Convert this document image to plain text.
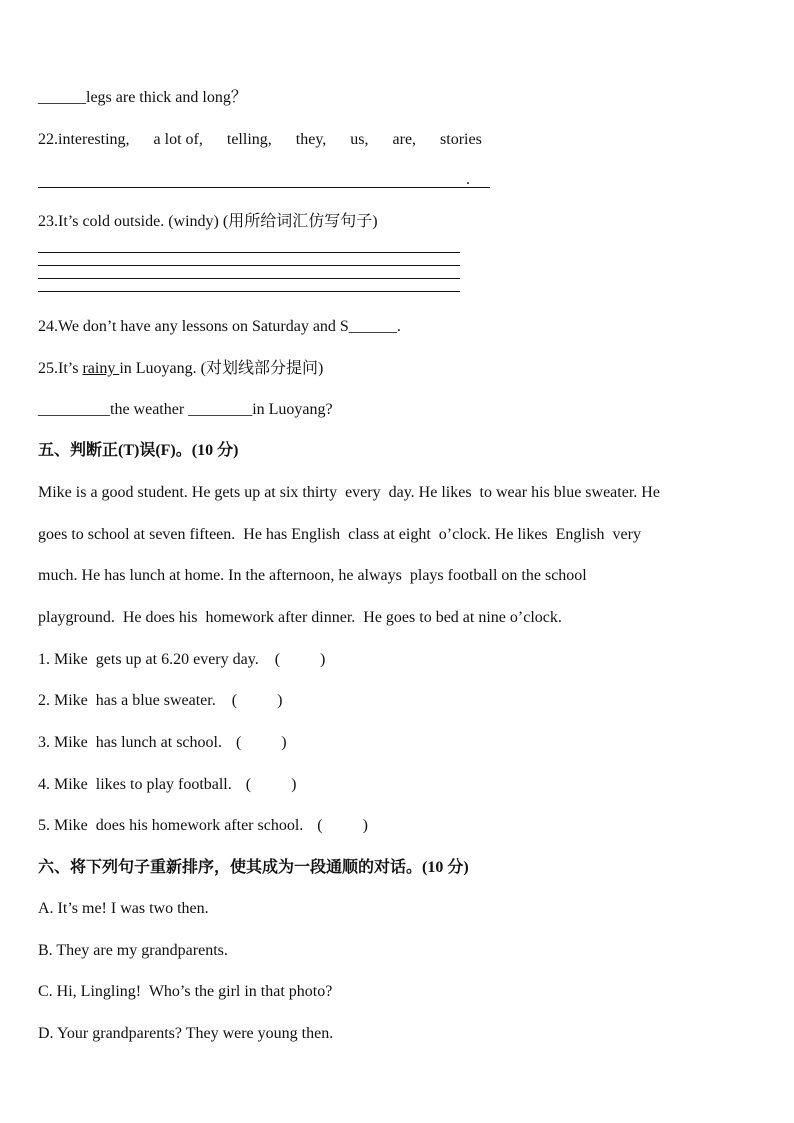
______legs are thick and long？
22.interesting, a lot of, telling, they, us, are, stories
.
23.It’s cold outside. (windy) (用所给词汇仿写句子)
24.We don’t have any lessons on Saturday and S______.
25.It’s rainy in Luoyang. (对划线部分提问)
_________the weather ________in Luoyang?
五、判断正(T)误(F)。(10 分)
Mike is a good student. He gets up at six thirty  every  day. He likes  to wear his blue sweater. He
goes to school at seven fifteen.  He has English  class at eight  o’clock. He likes  English  very
much. He has lunch at home. In the afternoon, he always  plays football on the school
playground.  He does his  homework after dinner.  He goes to bed at nine o’clock.
1. Mike  gets up at 6.20 every day. (          )
2. Mike  has a blue sweater. (          )
3. Mike  has lunch at school. (          )
4. Mike  likes to play football. (          )
5. Mike  does his homework after school. (          )
六、将下列句子重新排序，使其成为一段通顺的对话。(10 分)
A. It’s me! I was two then.
B. They are my grandparents.
C. Hi, Lingling!  Who’s the girl in that photo?
D. Your grandparents? They were young then.
